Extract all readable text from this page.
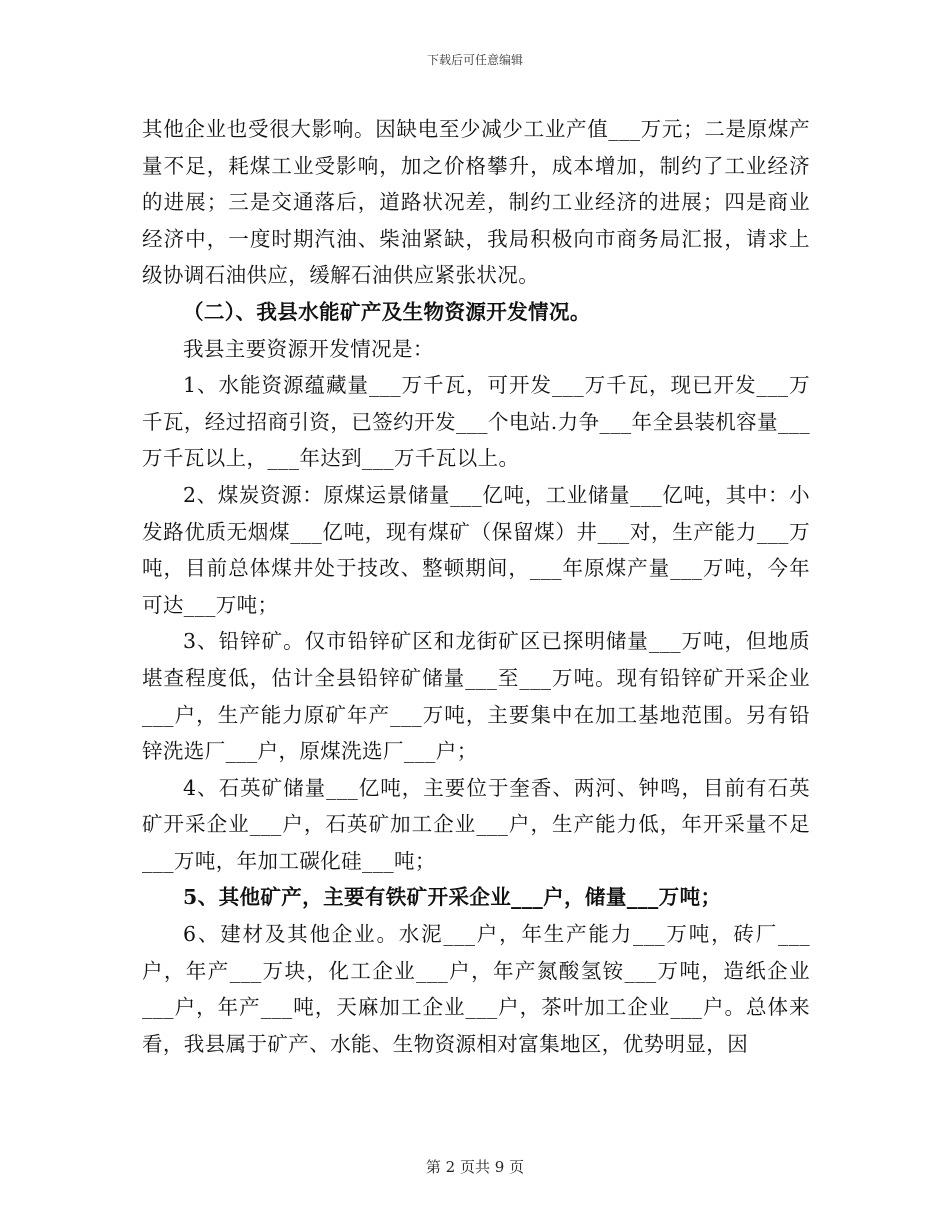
下载后可任意编辑

其他企业也受很大影响。因缺电至少减少工业产值___万元；二是原煤产量不足，耗煤工业受影响，加之价格攀升，成本增加，制约了工业经济的进展；三是交通落后，道路状况差，制约工业经济的进展；四是商业经济中，一度时期汽油、柴油紧缺，我局积极向市商务局汇报，请求上级协调石油供应，缓解石油供应紧张状况。

（二）、我县水能矿产及生物资源开发情况。

我县主要资源开发情况是：

1、水能资源蕴藏量___万千瓦，可开发___万千瓦，现已开发___万千瓦，经过招商引资，已签约开发___个电站.力争___年全县装机容量___万千瓦以上，___年达到___万千瓦以上。

2、煤炭资源：原煤运景储量___亿吨，工业储量___亿吨，其中：小发路优质无烟煤___亿吨，现有煤矿（保留煤）井___对，生产能力___万吨，目前总体煤井处于技改、整顿期间，___年原煤产量___万吨，今年可达___万吨；

3、铅锌矿。仅市铅锌矿区和龙街矿区已探明储量___万吨，但地质堪查程度低，估计全县铅锌矿储量___至___万吨。现有铅锌矿开采企业___户，生产能力原矿年产___万吨，主要集中在加工基地范围。另有铅锌洗选厂___户，原煤洗选厂___户；

4、石英矿储量___亿吨，主要位于奎香、两河、钟鸣，目前有石英矿开采企业___户，石英矿加工企业___户，生产能力低，年开采量不足___万吨，年加工碳化硅___吨；

5、其他矿产，主要有铁矿开采企业___户，储量___万吨；

6、建材及其他企业。水泥___户，年生产能力___万吨，砖厂___户，年产___万块，化工企业___户，年产氮酸氢铵___万吨，造纸企业___户，年产___吨，天麻加工企业___户，茶叶加工企业___户。总体来看，我县属于矿产、水能、生物资源相对富集地区，优势明显，因

第 2 页共 9 页
